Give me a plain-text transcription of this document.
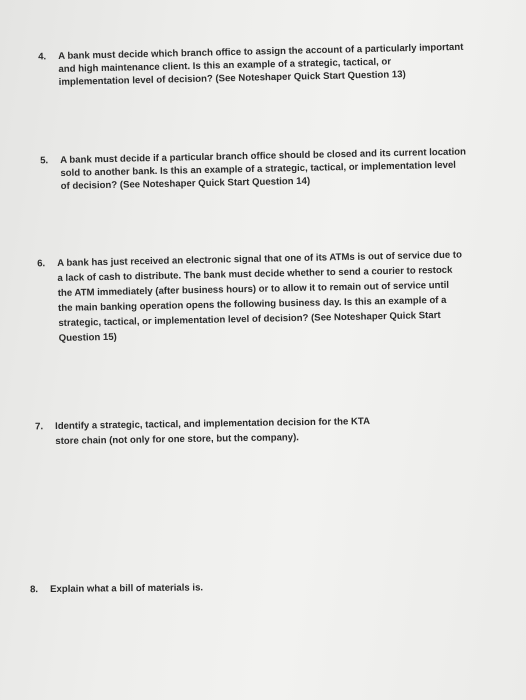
4. A bank must decide which branch office to assign the account of a particularly important
and high maintenance client. Is this an example of a strategic, tactical, or
implementation level of decision? (See Noteshaper Quick Start Question 13)
5. A bank must decide if a particular branch office should be closed and its current location
sold to another bank. Is this an example of a strategic, tactical, or implementation level
of decision? (See Noteshaper Quick Start Question 14)
6. A bank has just received an electronic signal that one of its ATMs is out of service due to
a lack of cash to distribute. The bank must decide whether to send a courier to restock
the ATM immediately (after business hours) or to allow it to remain out of service until
the main banking operation opens the following business day. Is this an example of a
strategic, tactical, or implementation level of decision? (See Noteshaper Quick Start
Question 15)
7. Identify a strategic, tactical, and implementation decision for the KTA
store chain (not only for one store, but the company).
8. Explain what a bill of materials is.
